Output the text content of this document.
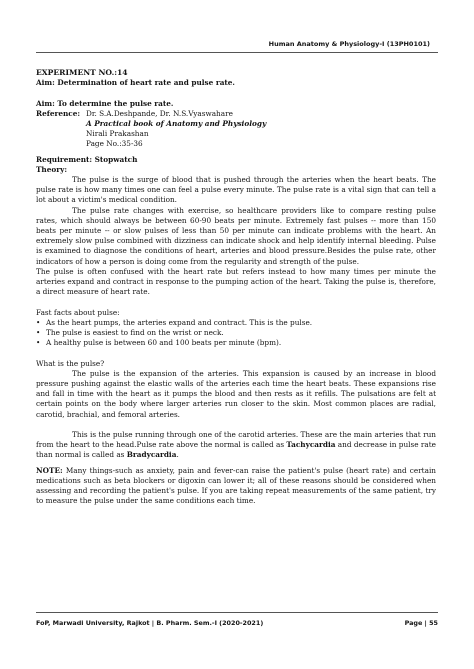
Human Anatomy & Physiology-I (13PH0101)

EXPERIMENT NO.:14

Aim: Determination of heart rate and pulse rate.

Aim: To determine the pulse rate.

Reference: Dr. S.A.Deshpande, Dr. N.S.Vyaswahare
A Practical book of Anatomy and Physiology
Nirali Prakashan
Page No.:35-36

Requirement: Stopwatch

Theory:

The pulse is the surge of blood that is pushed through the arteries when the heart beats. The pulse rate is how many times one can feel a pulse every minute. The pulse rate is a vital sign that can tell a lot about a victim's medical condition.

The pulse rate changes with exercise, so healthcare providers like to compare resting pulse rates, which should always be between 60-90 beats per minute. Extremely fast pulses -- more than 150 beats per minute -- or slow pulses of less than 50 per minute can indicate problems with the heart. An extremely slow pulse combined with dizziness can indicate shock and help identify internal bleeding. Pulse is examined to diagnose the conditions of heart, arteries and blood pressure.Besides the pulse rate, other indicators of how a person is doing come from the regularity and strength of the pulse.

The pulse is often confused with the heart rate but refers instead to how many times per minute the arteries expand and contract in response to the pumping action of the heart. Taking the pulse is, therefore, a direct measure of heart rate.

Fast facts about pulse:

• As the heart pumps, the arteries expand and contract. This is the pulse.
• The pulse is easiest to find on the wrist or neck.
• A healthy pulse is between 60 and 100 beats per minute (bpm).

What is the pulse?

The pulse is the expansion of the arteries. This expansion is caused by an increase in blood pressure pushing against the elastic walls of the arteries each time the heart beats. These expansions rise and fall in time with the heart as it pumps the blood and then rests as it refills. The pulsations are felt at certain points on the body where larger arteries run closer to the skin. Most common places are radial, carotid, brachial, and femoral arteries.

This is the pulse running through one of the carotid arteries. These are the main arteries that run from the heart to the head.Pulse rate above the normal is called as Tachycardia and decrease in pulse rate than normal is called as Bradycardia.

NOTE: Many things-such as anxiety, pain and fever-can raise the patient's pulse (heart rate) and certain medications such as beta blockers or digoxin can lower it; all of these reasons should be considered when assessing and recording the patient's pulse. If you are taking repeat measurements of the same patient, try to measure the pulse under the same conditions each time.

FoP, Marwadi University, Rajkot | B. Pharm. Sem.-I (2020-2021)	Page | 55
